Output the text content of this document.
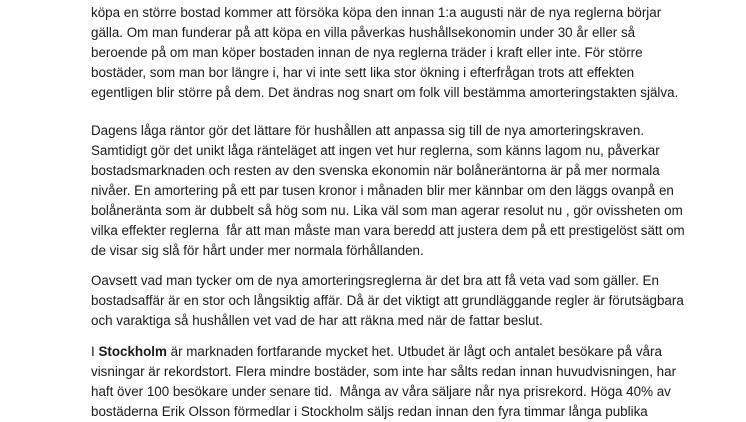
köpa en större bostad kommer att försöka köpa den innan 1:a augusti när de nya reglerna börjar
gälla. Om man funderar på att köpa en villa påverkas hushållsekonomin under 30 år eller så
beroende på om man köper bostaden innan de nya reglerna träder i kraft eller inte. För större
bostäder, som man bor längre i, har vi inte sett lika stor ökning i efterfrågan trots att effekten
egentligen blir större på dem. Det ändras nog snart om folk vill bestämma amorteringstakten själva.
Dagens låga räntor gör det lättare för hushållen att anpassa sig till de nya amorteringskraven.
Samtidigt gör det unikt låga ränteläget att ingen vet hur reglerna, som känns lagom nu, påverkar
bostadsmarknaden och resten av den svenska ekonomin när bolåneräntorna är på mer normala
nivåer. En amortering på ett par tusen kronor i månaden blir mer kännbar om den läggs ovanpå en
bolåneränta som är dubbelt så hög som nu. Lika väl som man agerar resolut nu , gör ovissheten om
vilka effekter reglerna  får att man måste man vara beredd att justera dem på ett prestigelöst sätt om
de visar sig slå för hårt under mer normala förhållanden.
Oavsett vad man tycker om de nya amorteringsreglerna är det bra att få veta vad som gäller. En
bostadsaffär är en stor och långsiktig affär. Då är det viktigt att grundläggande regler är förutsägbara
och varaktiga så hushållen vet vad de har att räkna med när de fattar beslut.
I Stockholm är marknaden fortfarande mycket het. Utbudet är lågt och antalet besökare på våra
visningar är rekordstort. Flera mindre bostäder, som inte har sålts redan innan huvudvisningen, har
haft över 100 besökare under senare tid.  Många av våra säljare når nya prisrekord. Höga 40% av
bostäderna Erik Olsson förmedlar i Stockholm säljs redan innan den fyra timmar långa publika
